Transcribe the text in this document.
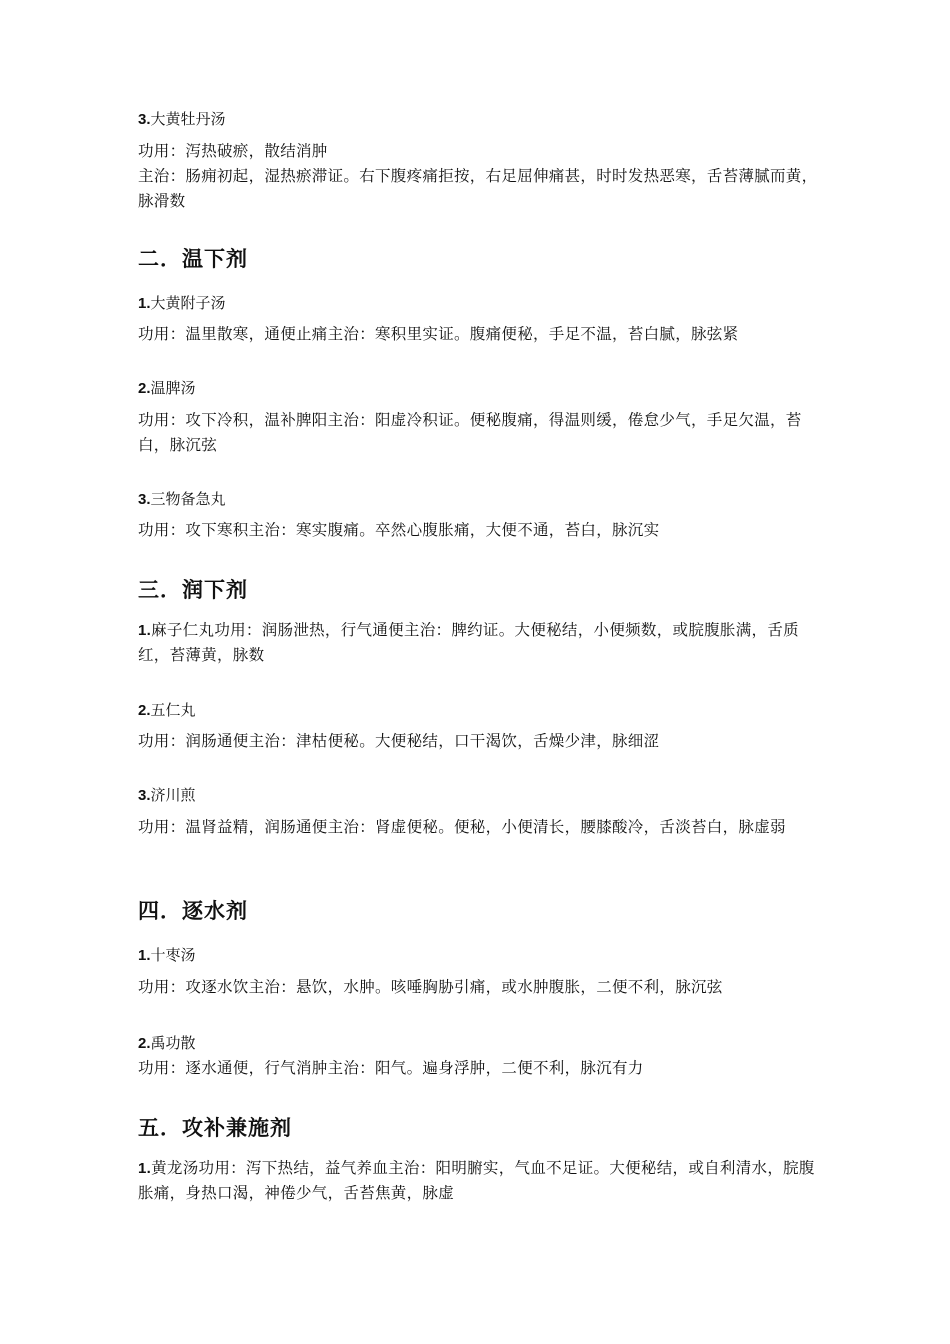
3.大黄牡丹汤

功用：泻热破瘀，散结消肿

主治：肠痈初起，湿热瘀滞证。右下腹疼痛拒按，右足屈伸痛甚，时时发热恶寒，舌苔薄腻而黄，脉滑数

二．温下剂

1.大黄附子汤

功用：温里散寒，通便止痛主治：寒积里实证。腹痛便秘，手足不温，苔白腻，脉弦紧

2.温脾汤

功用：攻下冷积，温补脾阳主治：阳虚冷积证。便秘腹痛，得温则缓，倦怠少气，手足欠温，苔白，脉沉弦

3.三物备急丸

功用：攻下寒积主治：寒实腹痛。卒然心腹胀痛，大便不通，苔白，脉沉实

三．润下剂

1.麻子仁丸功用：润肠泄热，行气通便主治：脾约证。大便秘结，小便频数，或脘腹胀满，舌质红，苔薄黄，脉数

2.五仁丸

功用：润肠通便主治：津枯便秘。大便秘结，口干渴饮，舌燥少津，脉细涩

3.济川煎

功用：温肾益精，润肠通便主治：肾虚便秘。便秘，小便清长，腰膝酸冷，舌淡苔白，脉虚弱

四．逐水剂

1.十枣汤

功用：攻逐水饮主治：悬饮，水肿。咳唾胸胁引痛，或水肿腹胀，二便不利，脉沉弦

2.禹功散

功用：逐水通便，行气消肿主治：阳气。遍身浮肿，二便不利，脉沉有力

五．攻补兼施剂

1.黄龙汤功用：泻下热结，益气养血主治：阳明腑实，气血不足证。大便秘结，或自利清水，脘腹胀痛，身热口渴，神倦少气，舌苔焦黄，脉虚
